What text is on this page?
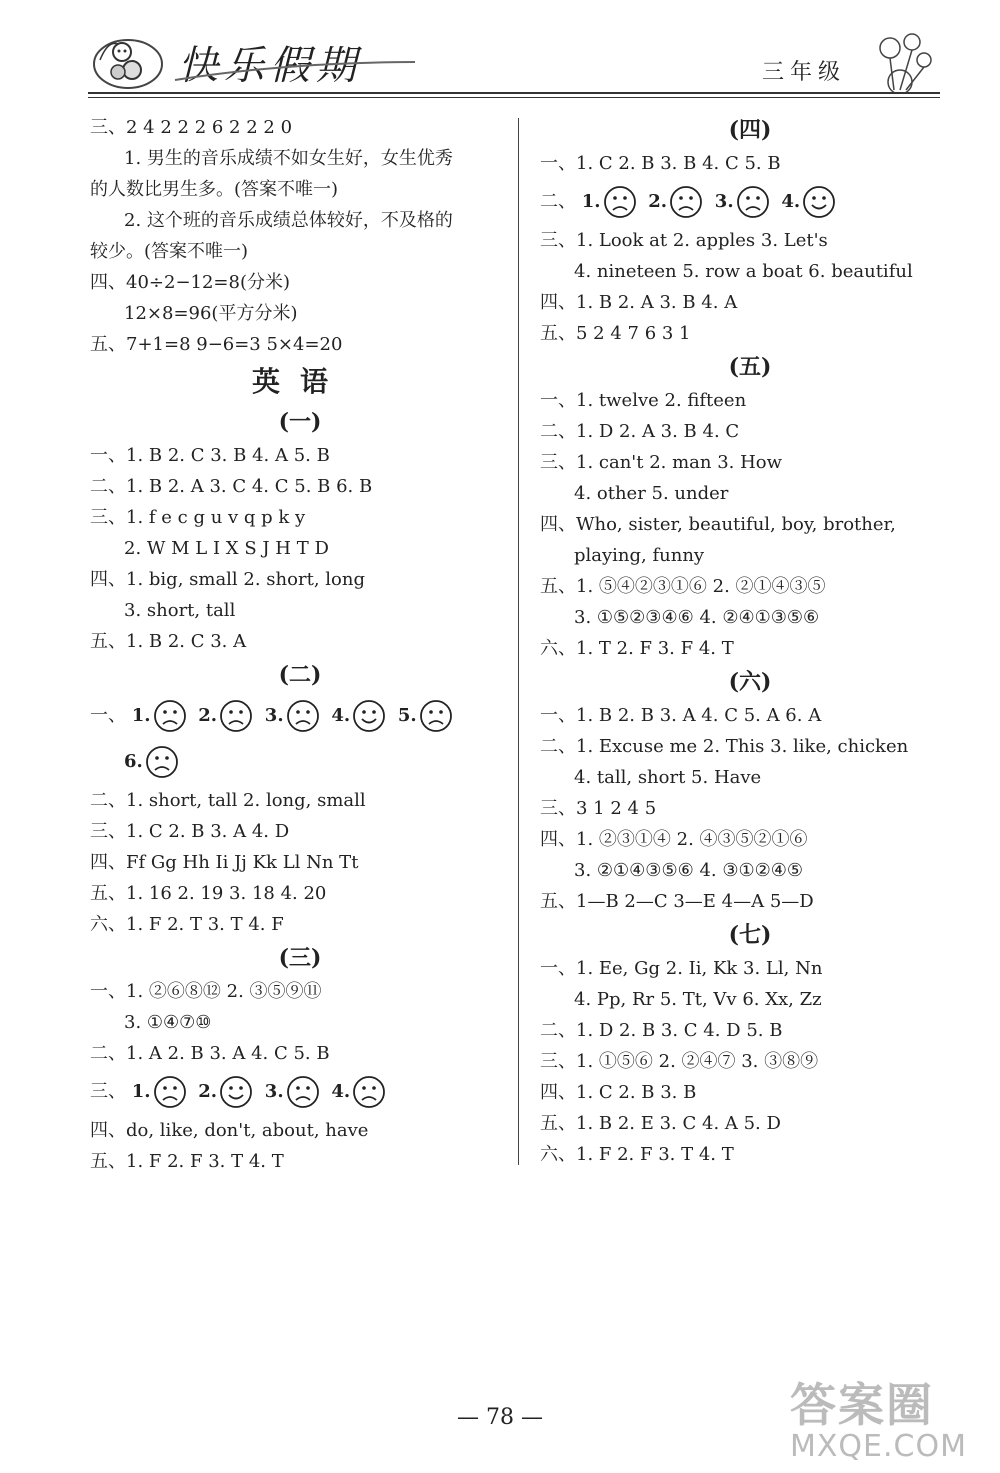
快乐假期	三年级
三、2 4 2 2 2 6 2 2 2 0
1. 男生的音乐成绩不如女生好，女生优秀
的人数比男生多。(答案不唯一)
2. 这个班的音乐成绩总体较好，不及格的
较少。(答案不唯一)
四、40÷2−12=8(分米)
12×8=96(平方分米)
五、7+1=8 9−6=3 5×4=20
英语
(一)
一、1. B 2. C 3. B 4. A 5. B
二、1. B 2. A 3. C 4. C 5. B 6. B
三、1. f e c g u v q p k y
2. W M L I X S J H T D
四、1. big, small 2. short, long
3. short, tall
五、1. B 2. C 3. A
(二)
一、 1.	2.	3.	4.	5.
6.
二、1. short, tall 2. long, small
三、1. C 2. B 3. A 4. D
四、Ff Gg Hh Ii Jj Kk Ll Nn Tt
五、1. 16 2. 19 3. 18 4. 20
六、1. F 2. T 3. T 4. F
(三)
一、1. ②⑥⑧⑫ 2. ③⑤⑨⑪
3. ①④⑦⑩
二、1. A 2. B 3. A 4. C 5. B
三、 1.	2.	3.	4.
四、do, like, don't, about, have
五、1. F 2. F 3. T 4. T
(四)
一、1. C 2. B 3. B 4. C 5. B
二、 1.	2.	3.	4.
三、1. Look at 2. apples 3. Let's
4. nineteen 5. row a boat 6. beautiful
四、1. B 2. A 3. B 4. A
五、5 2 4 7 6 3 1
(五)
一、1. twelve 2. fifteen
二、1. D 2. A 3. B 4. C
三、1. can't 2. man 3. How
4. other 5. under
四、Who, sister, beautiful, boy, brother,
playing, funny
五、1. ⑤④②③①⑥ 2. ②①④③⑤
3. ①⑤②③④⑥ 4. ②④①③⑤⑥
六、1. T 2. F 3. F 4. T
(六)
一、1. B 2. B 3. A 4. C 5. A 6. A
二、1. Excuse me 2. This 3. like, chicken
4. tall, short 5. Have
三、3 1 2 4 5
四、1. ②③①④ 2. ④③⑤②①⑥
3. ②①④③⑤⑥ 4. ③①②④⑤
五、1—B 2—C 3—E 4—A 5—D
(七)
一、1. Ee, Gg 2. Ii, Kk 3. Ll, Nn
4. Pp, Rr 5. Tt, Vv 6. Xx, Zz
二、1. D 2. B 3. C 4. D 5. B
三、1. ①⑤⑥ 2. ②④⑦ 3. ③⑧⑨
四、1. C 2. B 3. B
五、1. B 2. E 3. C 4. A 5. D
六、1. F 2. F 3. T 4. T
— 78 —	答案圈
MXQE.COM
